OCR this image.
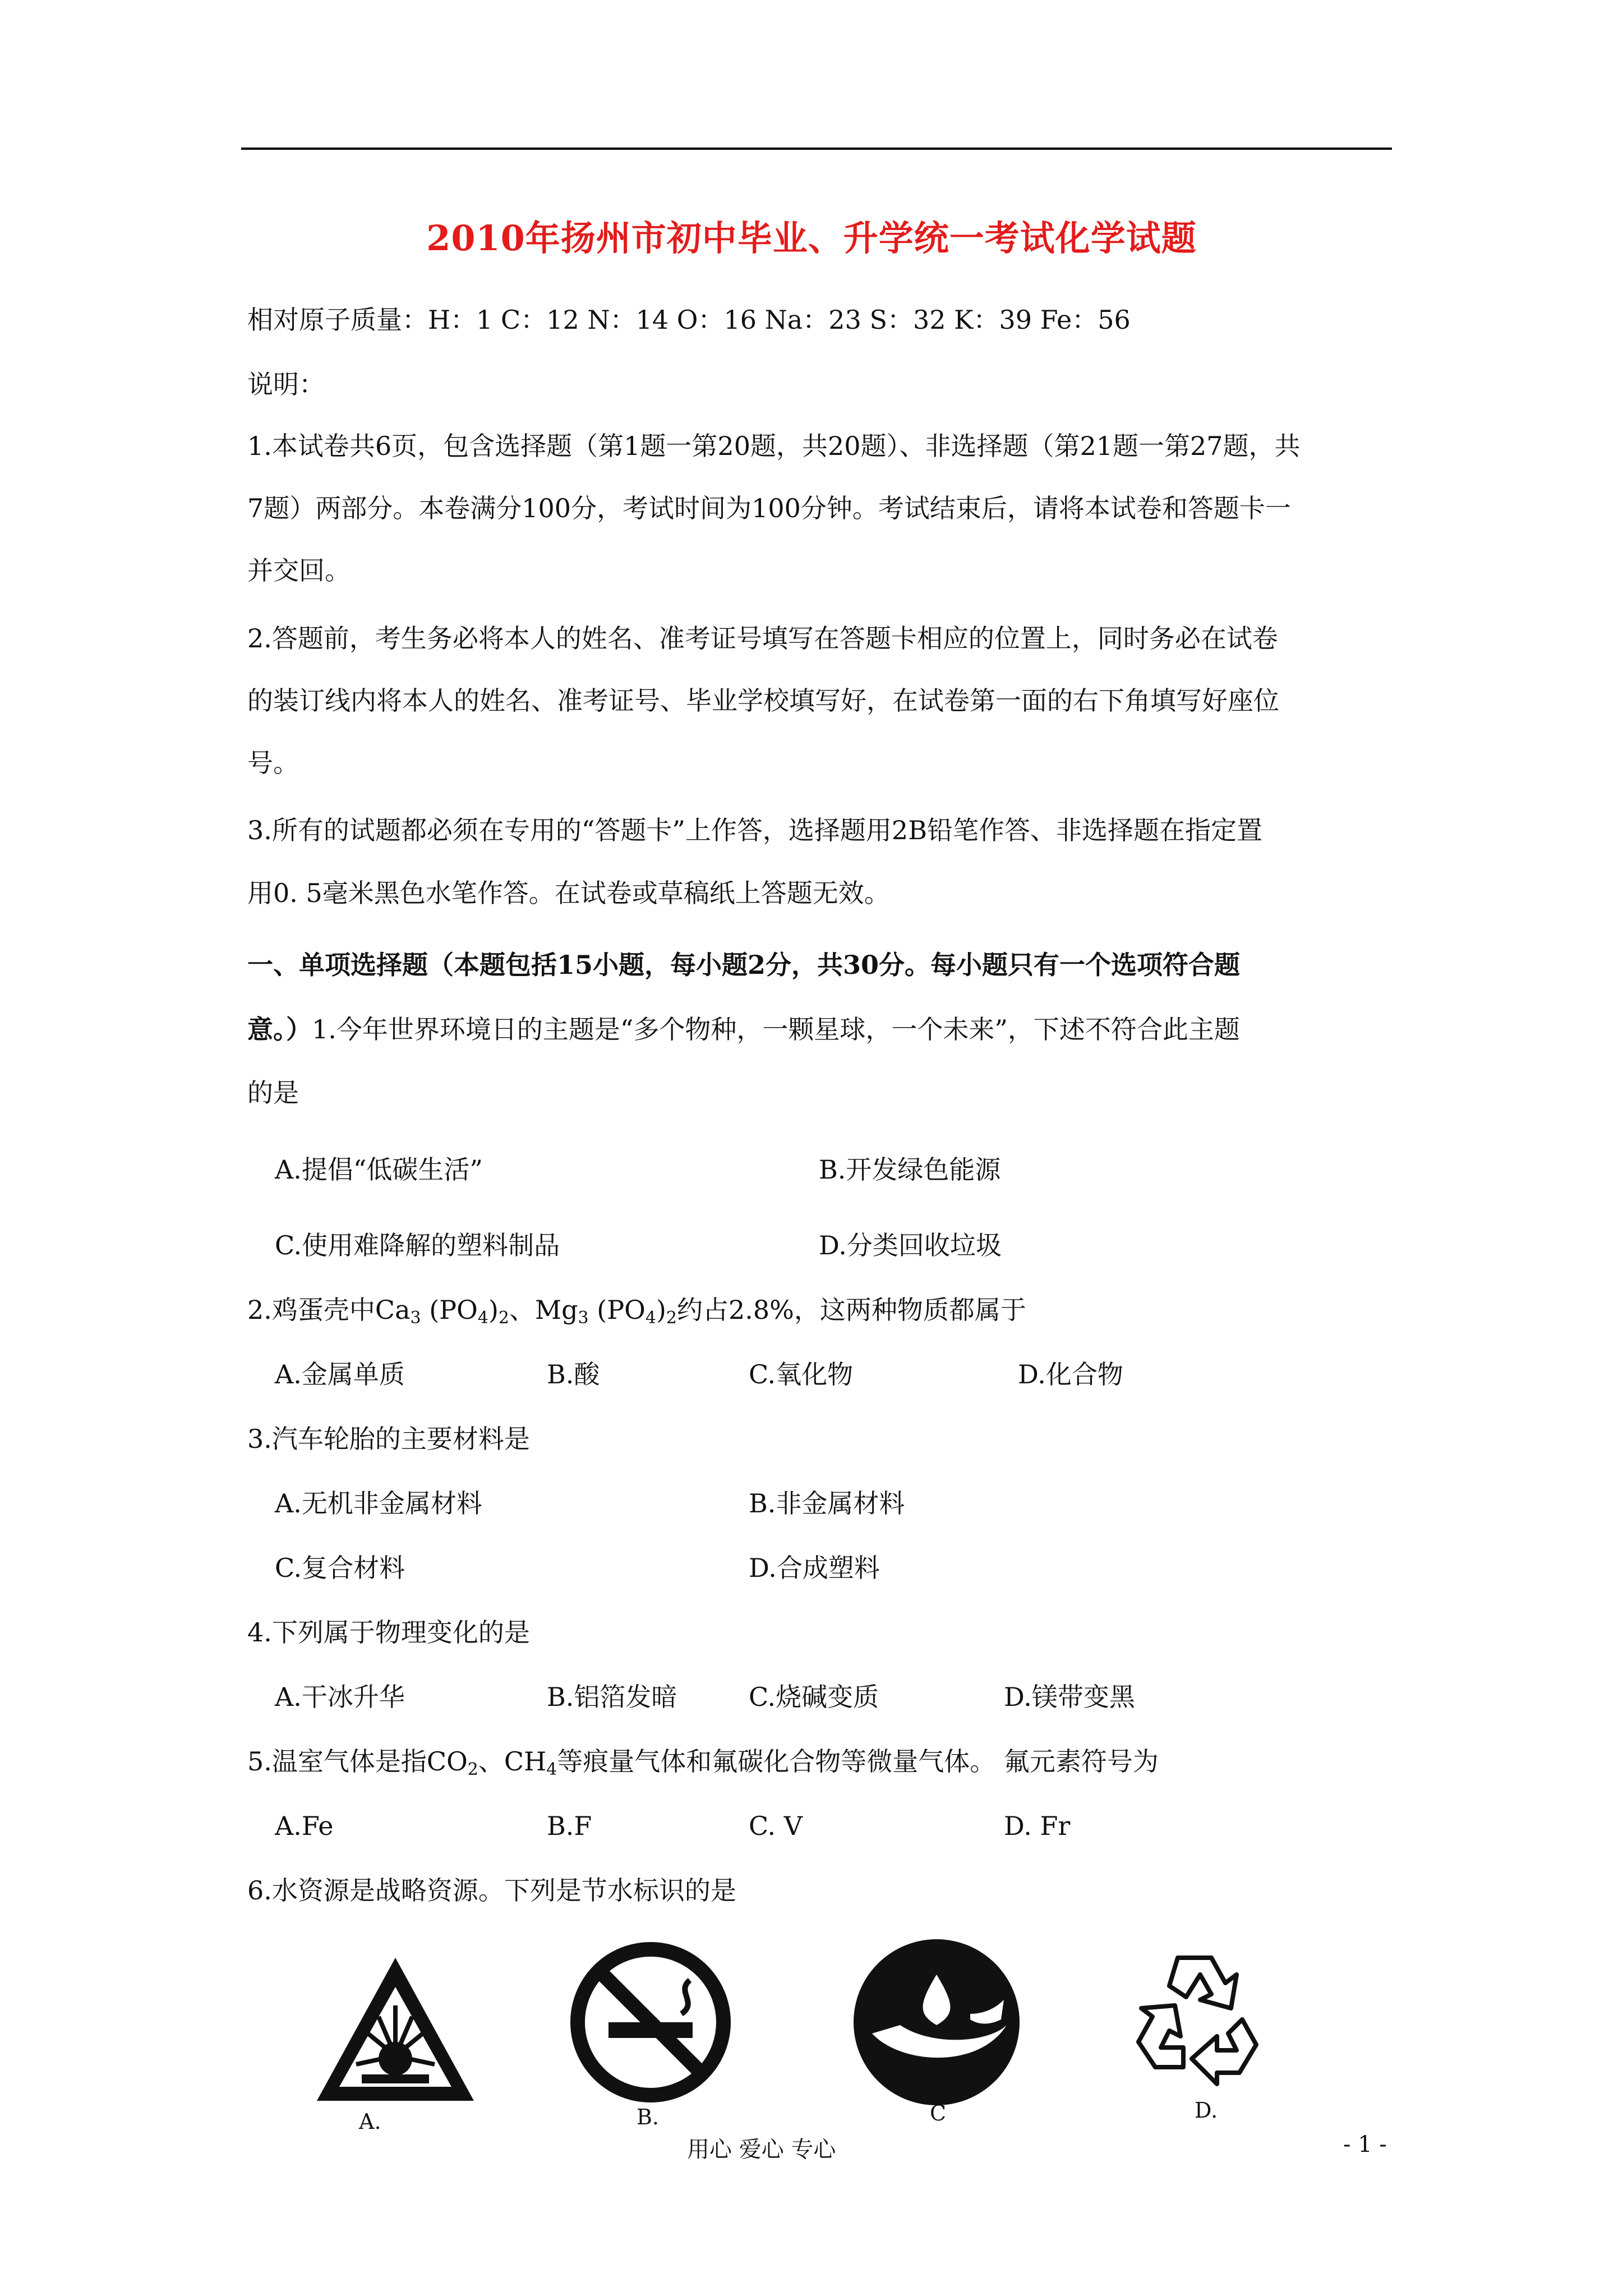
2010年扬州市初中毕业、升学统一考试化学试题
相对原子质量：H：1 C：12 N：14 O：16 Na：23 S：32 K：39 Fe：56
说明：
1.本试卷共6页，包含选择题（第1题一第20题，共20题）、非选择题（第21题一第27题，共
7题）两部分。本卷满分100分，考试时间为100分钟。考试结束后，请将本试卷和答题卡一
并交回。
2.答题前，考生务必将本人的姓名、准考证号填写在答题卡相应的位置上，同时务必在试卷
的装订线内将本人的姓名、准考证号、毕业学校填写好，在试卷第一面的右下角填写好座位
号。
3.所有的试题都必须在专用的“答题卡”上作答，选择题用2B铅笔作答、非选择题在指定置
用0. 5毫米黑色水笔作答。在试卷或草稿纸上答题无效。
一、单项选择题（本题包括15小题，每小题2分，共30分。每小题只有一个选项符合题
意。）1.今年世界环境日的主题是“多个物种，一颗星球，一个未来”，下述不符合此主题
的是
A.提倡“低碳生活”	B.开发绿色能源
C.使用难降解的塑料制品	D.分类回收垃圾
2.鸡蛋壳中$Ca_3$ $(PO_4)_2$、$Mg_3$ $(PO_4)_2$约占2.8%，这两种物质都属于
A.金属单质	B.酸	C.氧化物	D.化合物
3.汽车轮胎的主要材料是
A.无机非金属材料	B.非金属材料
C.复合材料	D.合成塑料
4.下列属于物理变化的是
A.干冰升华	B.铝箔发暗	C.烧碱变质	D.镁带变黑
5.温室气体是指$CO_2$、$CH_4$等痕量气体和氟碳化合物等微量气体。 氟元素符号为
A.Fe	B.F	C. V	D. Fr
6.水资源是战略资源。下列是节水标识的是
A.	B.	C	D.
用心 爱心 专心	- 1 -
